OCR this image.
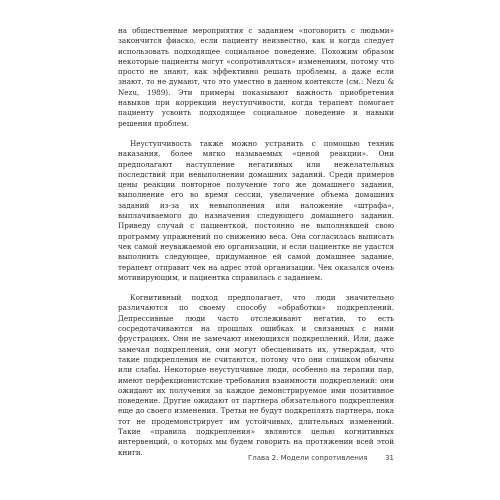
на общественные мероприятия с заданием «поговорить с людьми» закончится фиаско, если пациенту неизвестно, как и когда следует использовать подходящее социальное поведение. Похожим образом некоторые пациенты могут «сопротивляться» изменениям, потому что просто не знают, как эффективно решать проблемы, а даже если знают, то не думают, что это уместно в данном контексте (см.: Nezu & Nezu, 1989). Эти примеры показывают важность приобретения навыков при коррекции неуступчивости, когда терапевт помогает пациенту усвоить подходящее социальное поведение и навыки решения проблем.

Неуступчивость также можно устранить с помощью техник наказания, более мягко называемых «ценой реакции». Они предполагают наступление негативных или нежелательных последствий при невыполнении домашних заданий. Среди примеров цены реакции повторное получение того же домашнего задания, выполнение его во время сессии, увеличение объема домашних заданий из-за их невыполнения или наложение «штрафа», выплачиваемого до назначения следующего домашнего задания. Приведу случай с пациенткой, постоянно не выполнявшей свою программу упражнений по снижению веса. Она согласилась выписать чек самой неуважаемой ею организации, и если пациентке не удастся выполнить следующее, придуманное ей самой домашнее задание, терапевт отправит чек на адрес этой организации. Чек оказался очень мотивирующим, и пациентка справилась с заданием.

Когнитивный подход предполагает, что люди значительно различаются по своему способу «обработки» подкреплений. Депрессивные люди часто отслеживают негатив, то есть сосредотачиваются на прошлых ошибках и связанных с ними фрустрациях. Они не замечают имеющихся подкреплений. Или, даже замечая подкрепления, они могут обесценивать их, утверждая, что такие подкрепления не считаются, потому что они слишком обычны или слабы. Некоторые неуступчивые люди, особенно на терапии пар, имеют перфекционистские требования взаимности подкреплений: они ожидают их получения за каждое демонстрируемое ими позитивное поведение. Другие ожидают от партнера обязательного подкрепления еще до своего изменения. Третьи не будут подкреплять партнера, пока тот не продемонстрирует им устойчивых, длительных изменений. Такие «правила подкрепления» являются целью когнитивных интервенций, о которых мы будем говорить на протяжении всей этой книги.

Глава 2. Модели сопротивления 31
